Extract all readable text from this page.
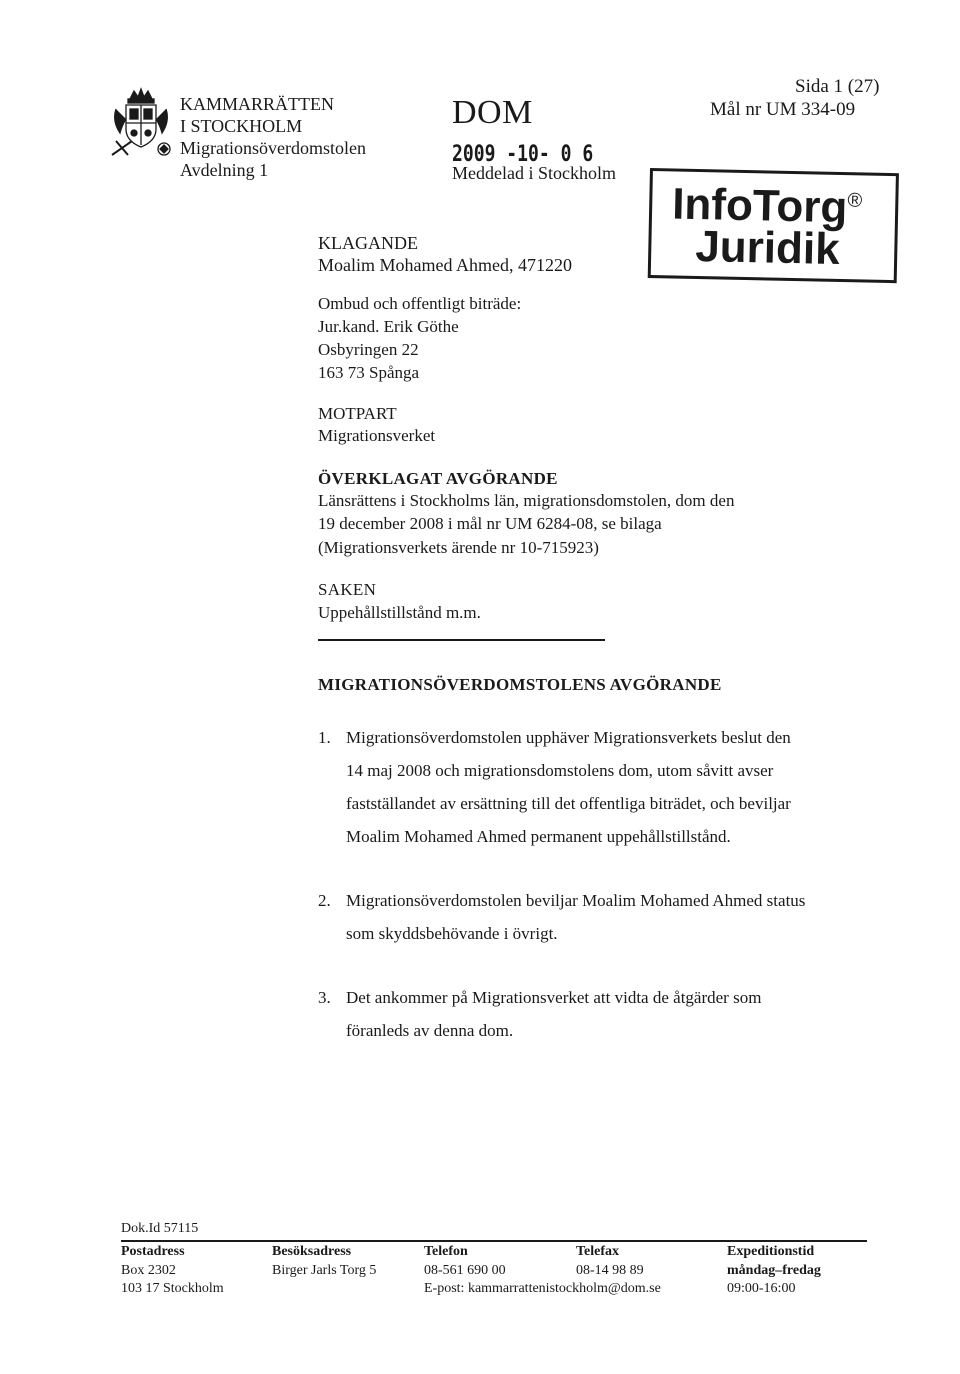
KAMMARRÄTTEN
I STOCKHOLM
Migrationsöverdomstolen
Avdelning 1
DOM
2009 -10- 0 6
Meddelad i Stockholm
Sida 1 (27)
Mål nr UM 334-09
InfoTorg®
Juridik
KLAGANDE
Moalim Mohamed Ahmed, 471220
Ombud och offentligt biträde:
Jur.kand. Erik Göthe
Osbyringen 22
163 73 Spånga
MOTPART
Migrationsverket
ÖVERKLAGAT AVGÖRANDE
Länsrättens i Stockholms län, migrationsdomstolen, dom den
19 december 2008 i mål nr UM 6284-08, se bilaga
(Migrationsverkets ärende nr 10-715923)
SAKEN
Uppehållstillstånd m.m.
MIGRATIONSÖVERDOMSTOLENS AVGÖRANDE
1. Migrationsöverdomstolen upphäver Migrationsverkets beslut den
14 maj 2008 och migrationsdomstolens dom, utom såvitt avser
fastställandet av ersättning till det offentliga biträdet, och beviljar
Moalim Mohamed Ahmed permanent uppehållstillstånd.
2. Migrationsöverdomstolen beviljar Moalim Mohamed Ahmed status
som skyddsbehövande i övrigt.
3. Det ankommer på Migrationsverket att vidta de åtgärder som
föranleds av denna dom.
Dok.Id 57115
Postadress
Box 2302
103 17 Stockholm
Besöksadress
Birger Jarls Torg 5
Telefon
08-561 690 00
E-post: kammarrattenistockholm@dom.se
Telefax
08-14 98 89
Expeditionstid
måndag–fredag
09:00-16:00
